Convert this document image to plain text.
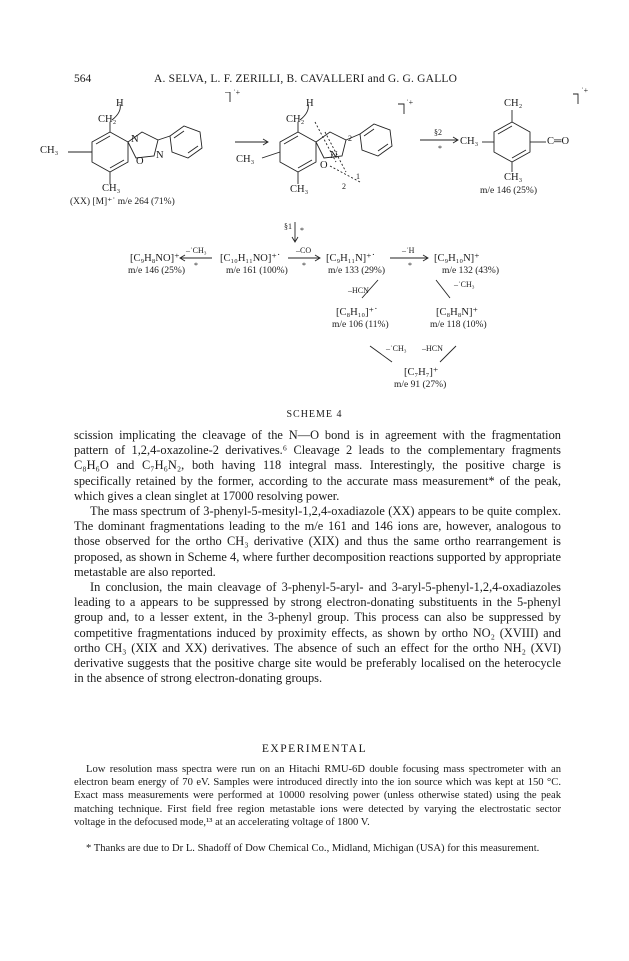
564	A. SELVA, L. F. ZERILLI, B. CAVALLERI and G. G. GALLO
H
CH₂
N
O
N
CH₃
CH₃
˙+
(XX) [M]⁺˙ m/e 264 (71%)
H
CH₂
N
O
CH₃
CH₃
˙+
2
1
2
CH₂
CH₃	C═O
CH₃
˙+
§2
*
m/e 146 (25%)
§1 *
[C₉H₈NO]⁺
m/e 146 (25%)
–˙CH₃
*
[C₁₀H₁₁NO]⁺˙
m/e 161 (100%)
–CO
*
[C₉H₁₁N]⁺˙
m/e 133 (29%)
–˙H
*
[C₉H₁₀N]⁺
m/e 132 (43%)
–HCN
–˙CH₃
[C₈H₁₀]⁺˙
m/e 106 (11%)
[C₈H₈N]⁺
m/e 118 (10%)
–˙CH₃ –HCN
[C₇H₇]⁺
m/e 91 (27%)
SCHEME 4

scission implicating the cleavage of the N—O bond is in agreement with the fragmentation pattern of 1,2,4-oxazoline-2 derivatives.⁶ Cleavage 2 leads to the complementary fragments C₈H₆O and C₇H₆N₂, both having 118 integral mass. Interestingly, the positive charge is specifically retained by the former, according to the accurate mass measurement* of the peak, which gives a clean singlet at 17000 resolving power.

The mass spectrum of 3-phenyl-5-mesityl-1,2,4-oxadiazole (XX) appears to be quite complex. The dominant fragmentations leading to the m/e 161 and 146 ions are, however, analogous to those observed for the ortho CH₃ derivative (XIX) and thus the same ortho rearrangement is proposed, as shown in Scheme 4, where further decomposition reactions supported by appropriate metastable are also reported.

In conclusion, the main cleavage of 3-phenyl-5-aryl- and 3-aryl-5-phenyl-1,2,4-oxadiazoles leading to a appears to be suppressed by strong electron-donating substituents in the 5-phenyl group and, to a lesser extent, in the 3-phenyl group. This process can also be suppressed by competitive fragmentations induced by proximity effects, as shown by ortho NO₂ (XVIII) and ortho CH₃ (XIX and XX) derivatives. The absence of such an effect for the ortho NH₂ (XVI) derivative suggests that the positive charge site would be preferably localised on the heterocycle in the absence of strong electron-donating groups.

EXPERIMENTAL

Low resolution mass spectra were run on an Hitachi RMU-6D double focusing mass spectrometer with an electron beam energy of 70 eV. Samples were introduced directly into the ion source which was kept at 150 °C. Exact mass measurements were performed at 10000 resolving power (unless otherwise stated) using the peak matching technique. First field free region metastable ions were detected by varying the electrostatic sector voltage in the defocused mode,¹³ at an accelerating voltage of 1800 V.

* Thanks are due to Dr L. Shadoff of Dow Chemical Co., Midland, Michigan (USA) for this measurement.
